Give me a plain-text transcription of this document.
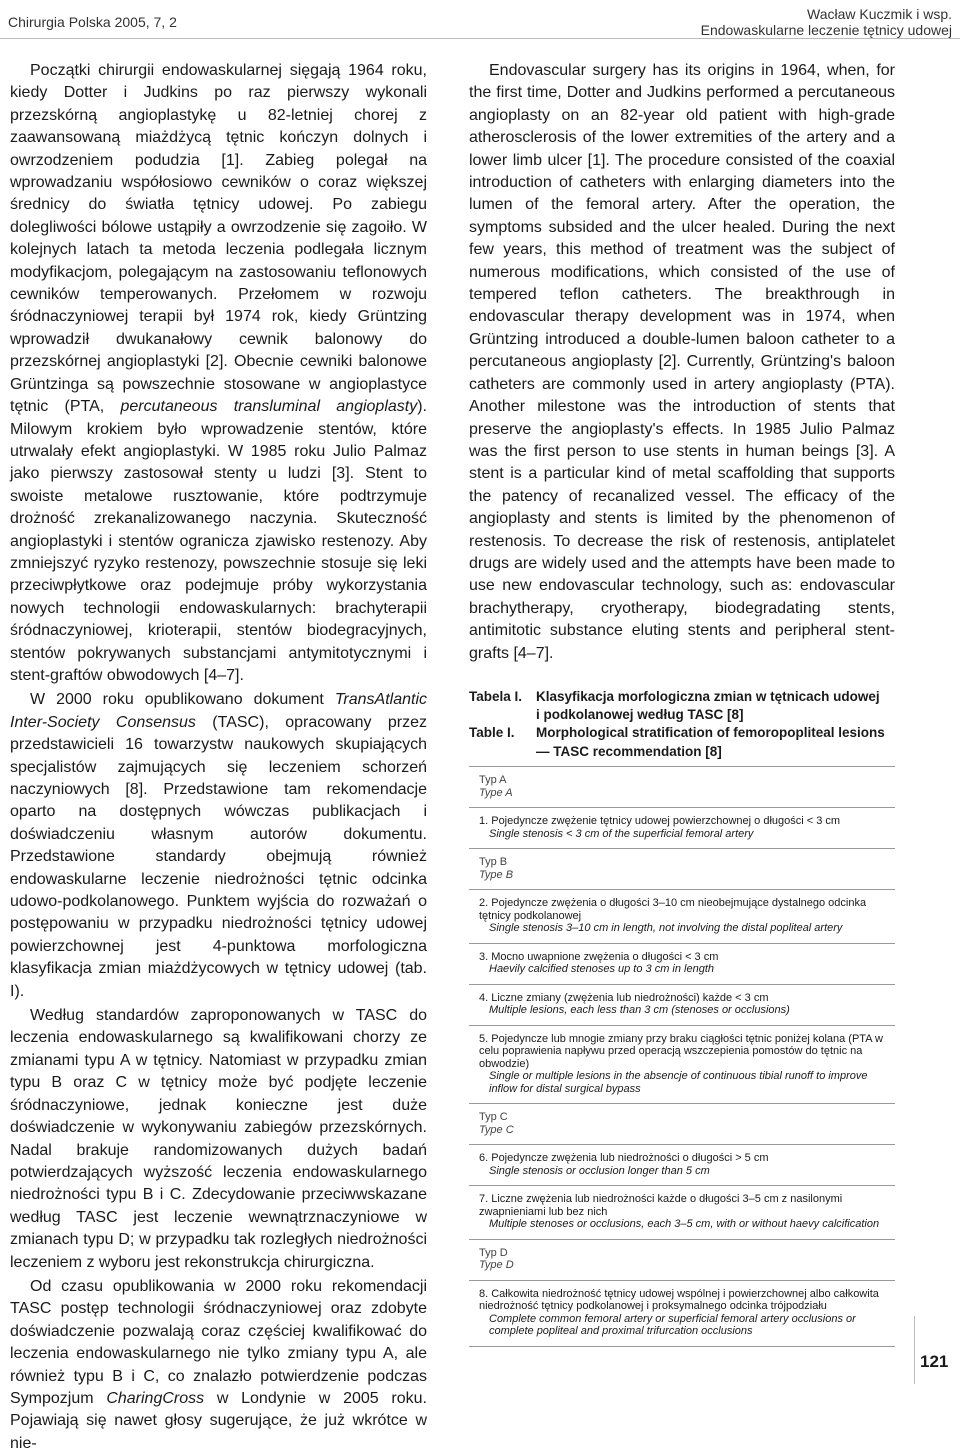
Chirurgia Polska 2005, 7, 2	Wacław Kuczmik i wsp.
Endowaskularne leczenie tętnicy udowej

Początki chirurgii endowaskularnej sięgają 1964 roku, kiedy Dotter i Judkins po raz pierwszy wykonali przezskórną angioplastykę u 82-letniej chorej z zaawansowaną miażdżycą tętnic kończyn dolnych i owrzodzeniem podudzia [1]. Zabieg polegał na wprowadzaniu współosiowo cewników o coraz większej średnicy do światła tętnicy udowej. Po zabiegu dolegliwości bólowe ustąpiły a owrzodzenie się zagoiło. W kolejnych latach ta metoda leczenia podlegała licznym modyfikacjom, polegającym na zastosowaniu teflonowych cewników temperowanych. Przełomem w rozwoju śródnaczyniowej terapii był 1974 rok, kiedy Grüntzing wprowadził dwukanałowy cewnik balonowy do przezskórnej angioplastyki [2]. Obecnie cewniki balonowe Grüntzinga są powszechnie stosowane w angioplastyce tętnic (PTA, percutaneous transluminal angioplasty). Milowym krokiem było wprowadzenie stentów, które utrwalały efekt angioplastyki. W 1985 roku Julio Palmaz jako pierwszy zastosował stenty u ludzi [3]. Stent to swoiste metalowe rusztowanie, które podtrzymuje drożność zrekanalizowanego naczynia. Skuteczność angioplastyki i stentów ogranicza zjawisko restenozy. Aby zmniejszyć ryzyko restenozy, powszechnie stosuje się leki przeciwpłytkowe oraz podejmuje próby wykorzystania nowych technologii endowaskularnych: brachyterapii śródnaczyniowej, krioterapii, stentów biodegracyjnych, stentów pokrywanych substancjami antymitotycznymi i stent-graftów obwodowych [4–7].

W 2000 roku opublikowano dokument TransAtlantic Inter-Society Consensus (TASC), opracowany przez przedstawicieli 16 towarzystw naukowych skupiających specjalistów zajmujących się leczeniem schorzeń naczyniowych [8]. Przedstawione tam rekomendacje oparto na dostępnych wówczas publikacjach i doświadczeniu własnym autorów dokumentu. Przedstawione standardy obejmują również endowaskularne leczenie niedrożności tętnic odcinka udowo-podkolanowego. Punktem wyjścia do rozważań o postępowaniu w przypadku niedrożności tętnicy udowej powierzchownej jest 4-punktowa morfologiczna klasyfikacja zmian miażdżycowych w tętnicy udowej (tab. I).

Według standardów zaproponowanych w TASC do leczenia endowaskularnego są kwalifikowani chorzy ze zmianami typu A w tętnicy. Natomiast w przypadku zmian typu B oraz C w tętnicy może być podjęte leczenie śródnaczyniowe, jednak konieczne jest duże doświadczenie w wykonywaniu zabiegów przezskórnych. Nadal brakuje randomizowanych dużych badań potwierdzających wyższość leczenia endowaskularnego niedrożności typu B i C. Zdecydowanie przeciwwskazane według TASC jest leczenie wewnątrznaczyniowe w zmianach typu D; w przypadku tak rozległych niedrożności leczeniem z wyboru jest rekonstrukcja chirurgiczna.

Od czasu opublikowania w 2000 roku rekomendacji TASC postęp technologii śródnaczyniowej oraz zdobyte doświadczenie pozwalają coraz częściej kwalifikować do leczenia endowaskularnego nie tylko zmiany typu A, ale również typu B i C, co znalazło potwierdzenie podczas Sympozjum CharingCross w Londynie w 2005 roku. Pojawiają się nawet głosy sugerujące, że już wkrótce w nie-

Endovascular surgery has its origins in 1964, when, for the first time, Dotter and Judkins performed a percutaneous angioplasty on an 82-year old patient with high-grade atherosclerosis of the lower extremities of the artery and a lower limb ulcer [1]. The procedure consisted of the coaxial introduction of catheters with enlarging diameters into the lumen of the femoral artery. After the operation, the symptoms subsided and the ulcer healed. During the next few years, this method of treatment was the subject of numerous modifications, which consisted of the use of tempered teflon catheters. The breakthrough in endovascular therapy development was in 1974, when Grüntzing introduced a double-lumen baloon catheter to a percutaneous angioplasty [2]. Currently, Grüntzing's baloon catheters are commonly used in artery angioplasty (PTA). Another milestone was the introduction of stents that preserve the angioplasty's effects. In 1985 Julio Palmaz was the first person to use stents in human beings [3]. A stent is a particular kind of metal scaffolding that supports the patency of recanalized vessel. The efficacy of the angioplasty and stents is limited by the phenomenon of restenosis. To decrease the risk of restenosis, antiplatelet drugs are widely used and the attempts have been made to use new endovascular technology, such as: endovascular brachytherapy, cryotherapy, biodegradating stents, antimitotic substance eluting stents and peripheral stent-grafts [4–7].

Tabela I.	Klasyfikacja morfologiczna zmian w tętnicach udowej
i podkolanowej według TASC [8]
Table I.	Morphological stratification of femoropopliteal lesions
— TASC recommendation [8]
Typ A
Type A
1. Pojedyncze zwężenie tętnicy udowej powierzchownej o długości < 3 cm
Single stenosis < 3 cm of the superficial femoral artery
Typ B
Type B
2. Pojedyncze zwężenia o długości 3–10 cm nieobejmujące dystalnego odcinka tętnicy podkolanowej
Single stenosis 3–10 cm in length, not involving the distal popliteal artery
3. Mocno uwapnione zwężenia o długości < 3 cm
Haevily calcified stenoses up to 3 cm in length
4. Liczne zmiany (zwężenia lub niedrożności) każde < 3 cm
Multiple lesions, each less than 3 cm (stenoses or occlusions)
5. Pojedyncze lub mnogie zmiany przy braku ciągłości tętnic poniżej kolana (PTA w celu poprawienia napływu przed operacją wszczepienia pomostów do tętnic na obwodzie)
Single or multiple lesions in the absencje of continuous tibial runoff to improve inflow for distal surgical bypass
Typ C
Type C
6. Pojedyncze zwężenia lub niedrożności o długości > 5 cm
Single stenosis or occlusion longer than 5 cm
7. Liczne zwężenia lub niedrożności każde o długości 3–5 cm z nasilonymi zwapnieniami lub bez nich
Multiple stenoses or occlusions, each 3–5 cm, with or without haevy calcification
Typ D
Type D
8. Całkowita niedrożność tętnicy udowej wspólnej i powierzchownej albo całkowita niedrożność tętnicy podkolanowej i proksymalnego odcinka trójpodziału
Complete common femoral artery or superficial femoral artery occlusions or complete popliteal and proximal trifurcation occlusions
121
